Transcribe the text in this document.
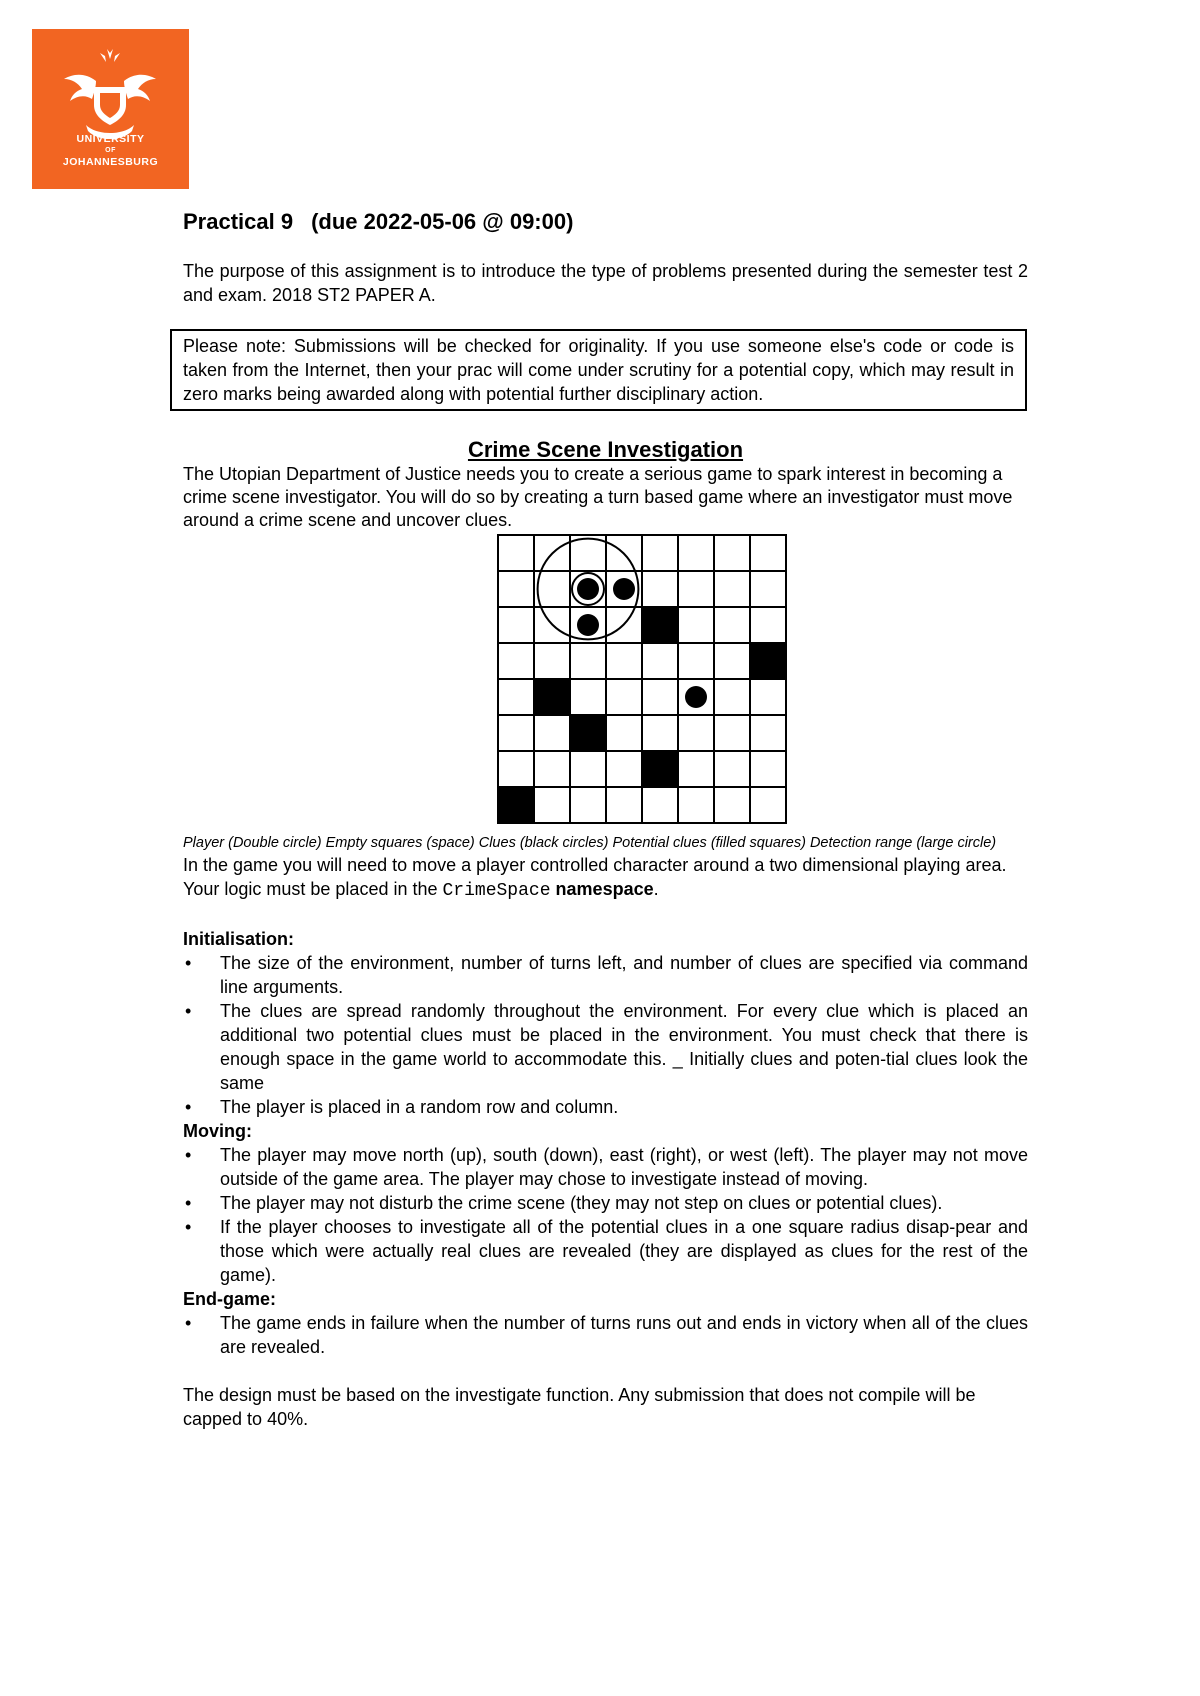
UNIVERSITY
OF
JOHANNESBURG
Practical 9 (due 2022-05-06 @ 09:00)

The purpose of this assignment is to introduce the type of problems presented during the semester test 2 and exam. 2018 ST2 PAPER A.

Please note: Submissions will be checked for originality. If you use someone else's code or code is taken from the Internet, then your prac will come under scrutiny for a potential copy, which may result in zero marks being awarded along with potential further disciplinary action.
Crime Scene Investigation

The Utopian Department of Justice needs you to create a serious game to spark interest in becoming a crime scene investigator. You will do so by creating a turn based game where an investigator must move around a crime scene and uncover clues.

Player (Double circle) Empty squares (space) Clues (black circles) Potential clues (filled squares) Detection range (large circle)

In the game you will need to move a player controlled character around a two dimensional playing area. Your logic must be placed in the CrimeSpace namespace.

Initialisation:
• The size of the environment, number of turns left, and number of clues are specified via command line arguments.
• The clues are spread randomly throughout the environment. For every clue which is placed an additional two potential clues must be placed in the environment. You must check that there is enough space in the game world to accommodate this. _ Initially clues and poten-tial clues look the same
• The player is placed in a random row and column.
Moving:
• The player may move north (up), south (down), east (right), or west (left). The player may not move outside of the game area. The player may chose to investigate instead of moving.
• The player may not disturb the crime scene (they may not step on clues or potential clues).
• If the player chooses to investigate all of the potential clues in a one square radius disap-pear and those which were actually real clues are revealed (they are displayed as clues for the rest of the game).
End-game:
• The game ends in failure when the number of turns runs out and ends in victory when all of the clues are revealed.

The design must be based on the investigate function. Any submission that does not compile will be capped to 40%.
